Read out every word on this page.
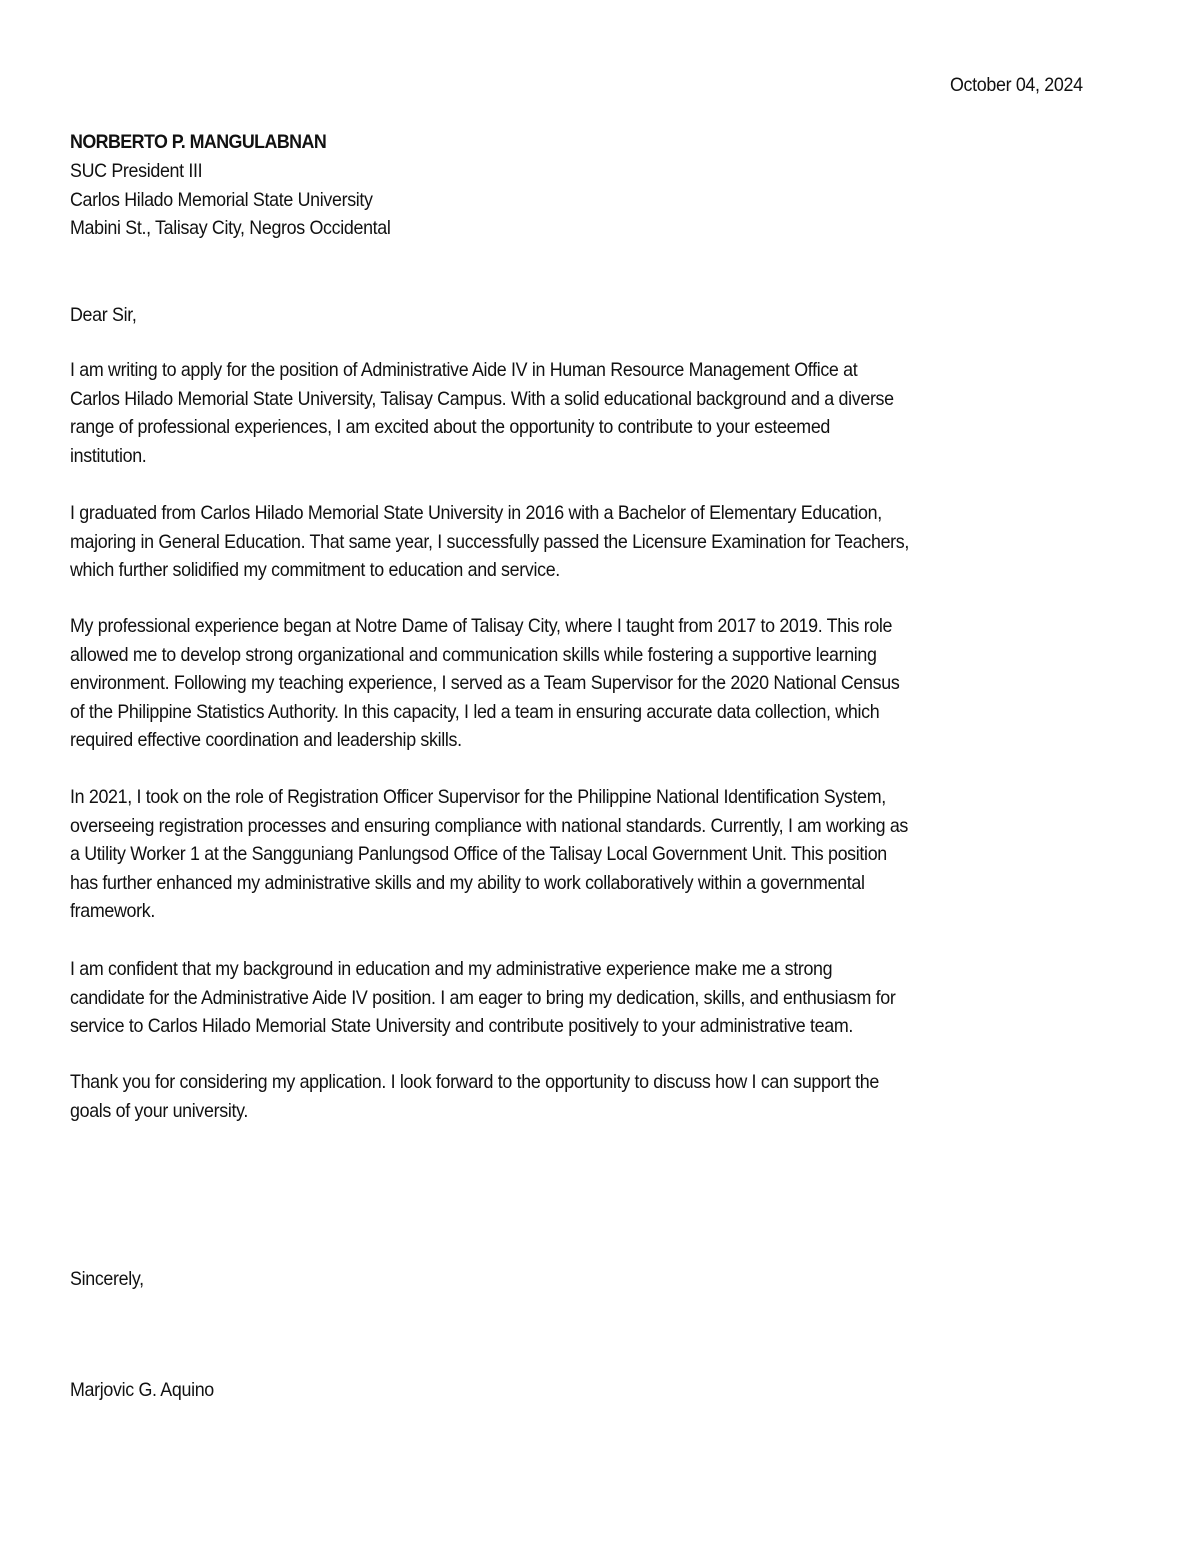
October 04, 2024
NORBERTO P. MANGULABNAN
SUC President III
Carlos Hilado Memorial State University
Mabini St., Talisay City, Negros Occidental
Dear Sir,
I am writing to apply for the position of Administrative Aide IV in Human Resource Management Office at
Carlos Hilado Memorial State University, Talisay Campus. With a solid educational background and a diverse
range of professional experiences, I am excited about the opportunity to contribute to your esteemed
institution.
I graduated from Carlos Hilado Memorial State University in 2016 with a Bachelor of Elementary Education,
majoring in General Education. That same year, I successfully passed the Licensure Examination for Teachers,
which further solidified my commitment to education and service.
My professional experience began at Notre Dame of Talisay City, where I taught from 2017 to 2019. This role
allowed me to develop strong organizational and communication skills while fostering a supportive learning
environment. Following my teaching experience, I served as a Team Supervisor for the 2020 National Census
of the Philippine Statistics Authority. In this capacity, I led a team in ensuring accurate data collection, which
required effective coordination and leadership skills.
In 2021, I took on the role of Registration Officer Supervisor for the Philippine National Identification System,
overseeing registration processes and ensuring compliance with national standards. Currently, I am working as
a Utility Worker 1 at the Sangguniang Panlungsod Office of the Talisay Local Government Unit. This position
has further enhanced my administrative skills and my ability to work collaboratively within a governmental
framework.
I am confident that my background in education and my administrative experience make me a strong
candidate for the Administrative Aide IV position. I am eager to bring my dedication, skills, and enthusiasm for
service to Carlos Hilado Memorial State University and contribute positively to your administrative team.
Thank you for considering my application. I look forward to the opportunity to discuss how I can support the
goals of your university.
Sincerely,
Marjovic G. Aquino
